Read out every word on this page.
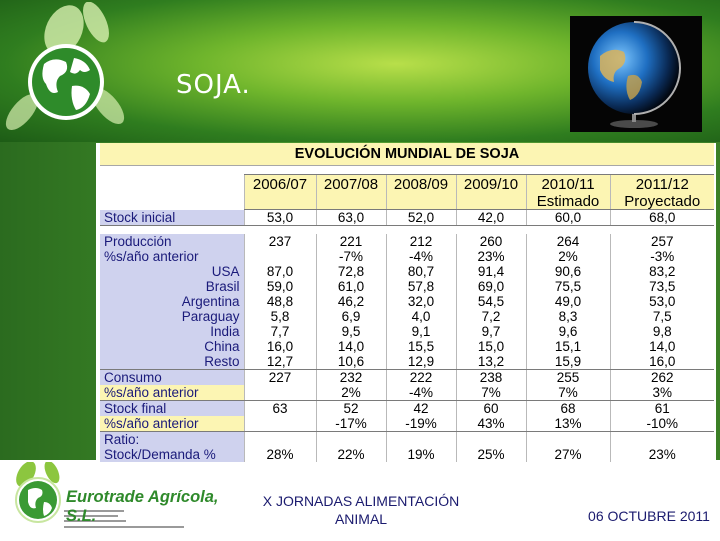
SOJA.
EVOLUCIÓN MUNDIAL DE SOJA						

	2006/07	2007/08	2008/09	2009/10	2010/11	2011/12
					Estimado	Proyectado
Stock inicial	53,0	63,0	52,0	42,0	60,0	68,0

Producción	237	221	212	260	264	257
%s/año anterior		-7%	-4%	23%	2%	-3%
USA	87,0	72,8	80,7	91,4	90,6	83,2
Brasil	59,0	61,0	57,8	69,0	75,5	73,5
Argentina	48,8	46,2	32,0	54,5	49,0	53,0
Paraguay	5,8	6,9	4,0	7,2	8,3	7,5
India	7,7	9,5	9,1	9,7	9,6	9,8
China	16,0	14,0	15,5	15,0	15,1	14,0
Resto	12,7	10,6	12,9	13,2	15,9	16,0
Consumo	227	232	222	238	255	262
%s/año anterior		2%	-4%	7%	7%	3%
Stock final	63	52	42	60	68	61
%s/año anterior		-17%	-19%	43%	13%	-10%
Ratio:						
Stock/Demanda %	28%	22%	19%	25%	27%	23%
Eurotrade Agrícola, S.L.
X JORNADAS ALIMENTACIÓN ANIMAL	06 OCTUBRE 2011
